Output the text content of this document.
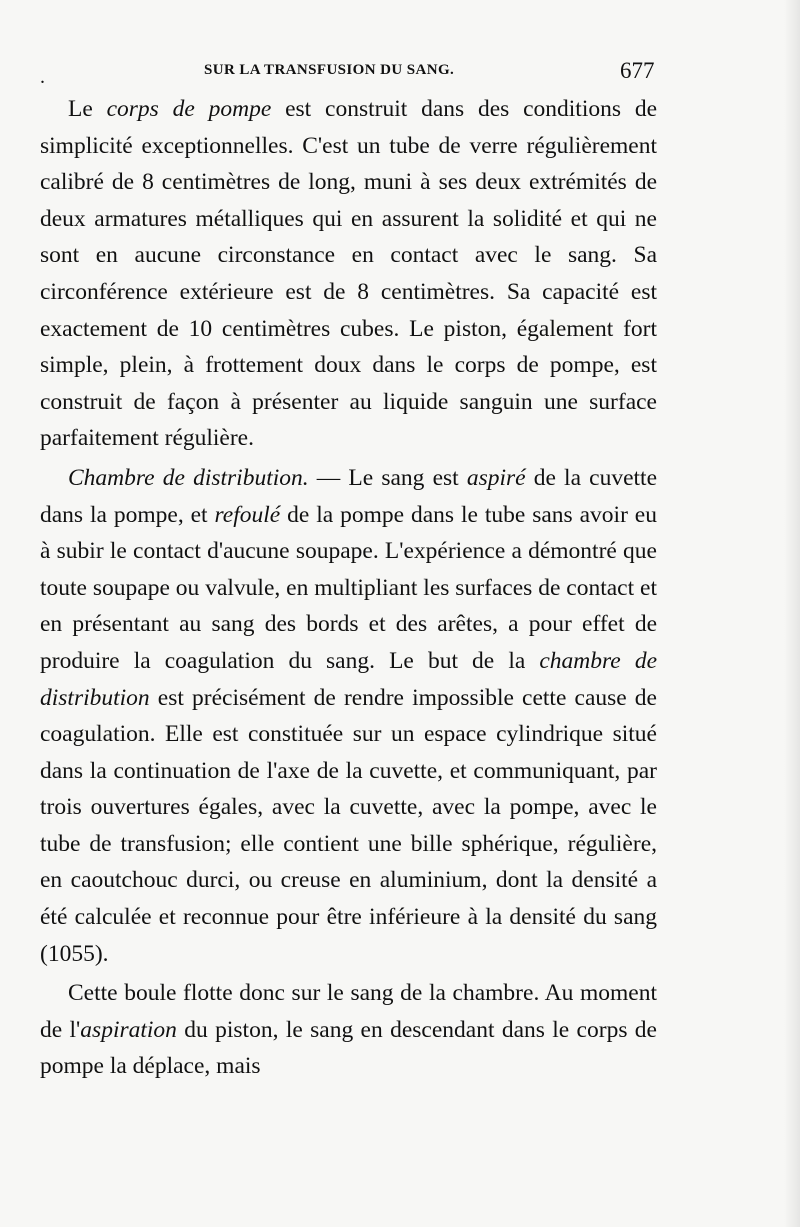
.	SUR LA TRANSFUSION DU SANG.	677

Le corps de pompe est construit dans des conditions de simplicité exceptionnelles. C'est un tube de verre régulièrement calibré de 8 centimètres de long, muni à ses deux extrémités de deux armatures métalliques qui en assurent la solidité et qui ne sont en aucune circonstance en contact avec le sang. Sa circonférence extérieure est de 8 centimètres. Sa capacité est exactement de 10 centimètres cubes. Le piston, également fort simple, plein, à frottement doux dans le corps de pompe, est construit de façon à présenter au liquide sanguin une surface parfaitement régulière.

Chambre de distribution. — Le sang est aspiré de la cuvette dans la pompe, et refoulé de la pompe dans le tube sans avoir eu à subir le contact d'aucune soupape. L'expérience a démontré que toute soupape ou valvule, en multipliant les surfaces de contact et en présentant au sang des bords et des arêtes, a pour effet de produire la coagulation du sang. Le but de la chambre de distribution est précisément de rendre impossible cette cause de coagulation. Elle est constituée sur un espace cylindrique situé dans la continuation de l'axe de la cuvette, et communiquant, par trois ouvertures égales, avec la cuvette, avec la pompe, avec le tube de transfusion; elle contient une bille sphérique, régulière, en caoutchouc durci, ou creuse en aluminium, dont la densité a été calculée et reconnue pour être inférieure à la densité du sang (1055).

Cette boule flotte donc sur le sang de la chambre. Au moment de l'aspiration du piston, le sang en descendant dans le corps de pompe la déplace, mais
